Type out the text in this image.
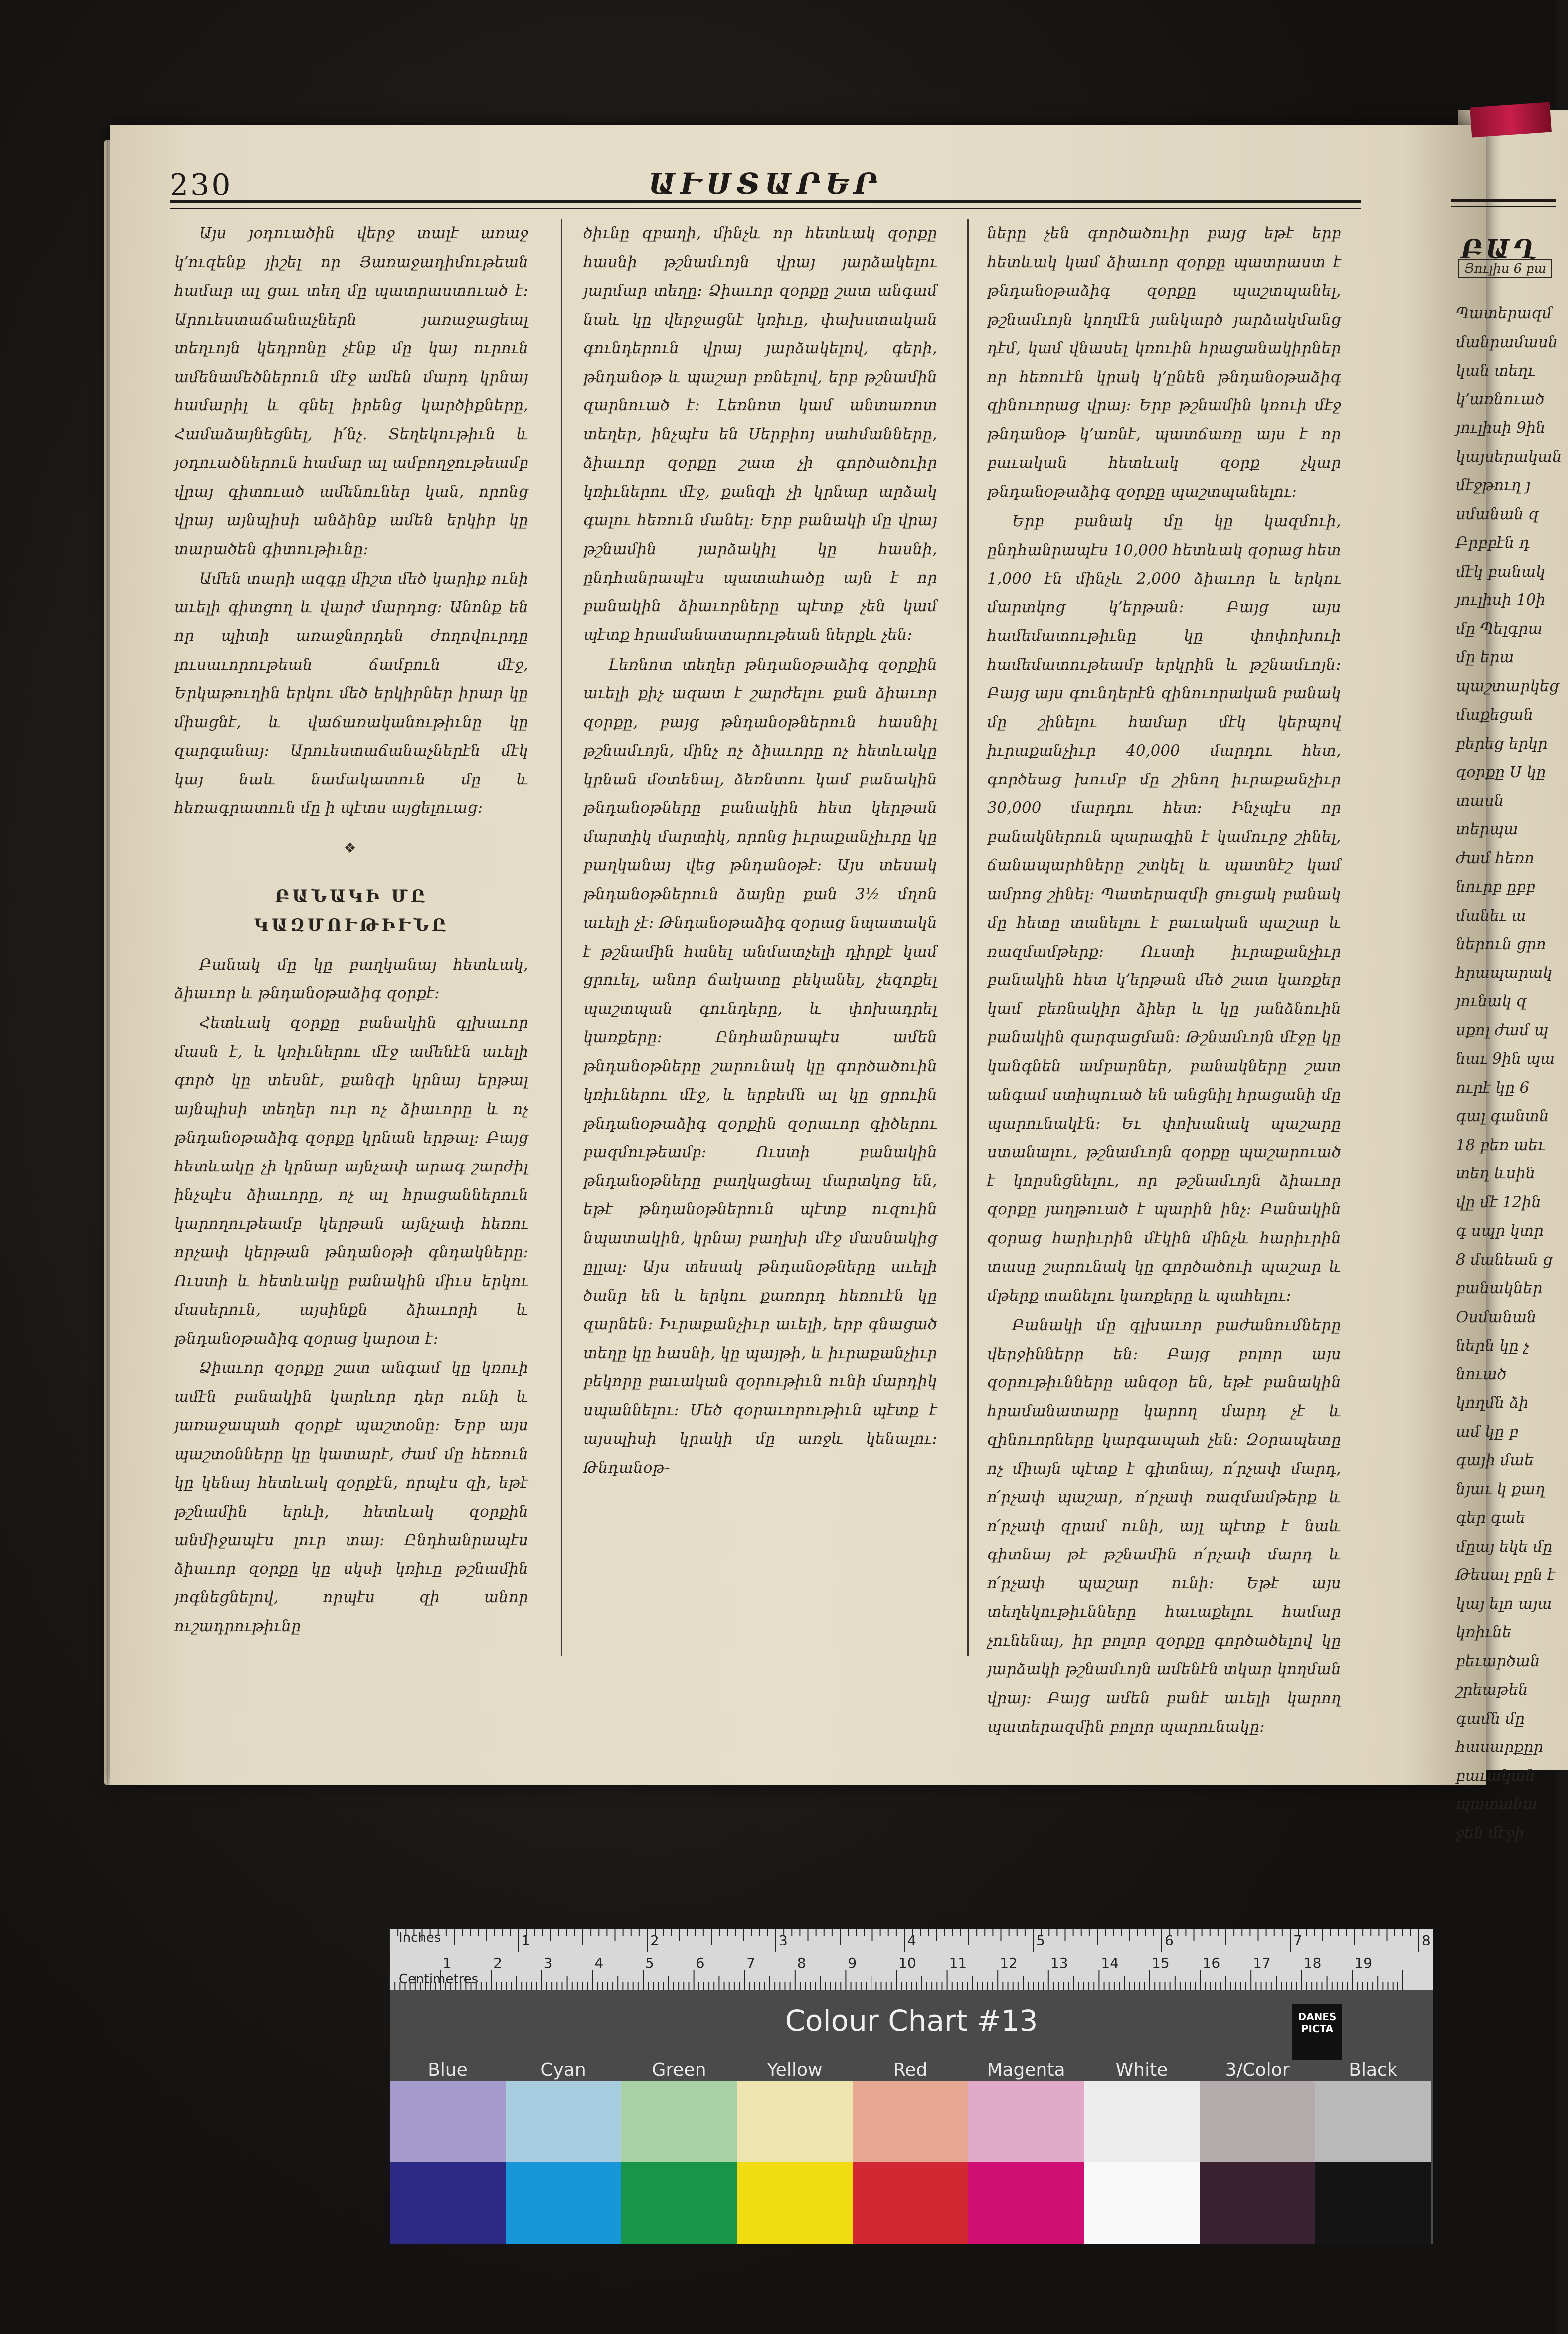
230	ԱՒՍՏԱՐԵՐ

Այս յօդուածին վերջ տալէ առաջ կ՚ուզենք յիշել որ Յառաջադիմութեան համար ալ ցաւ տեղ մը պատրաստուած է։ Արուեստաճանաչներն յառաջացեալ տեղւոյն կեդրոնը չէնք մը կայ ուրուն ամենամեծներուն մէջ ամեն մարդ կրնայ համարիլ և գնել իրենց կարծիքները, Համաձայնեցնել, ի՛նչ. Տեղեկութիւն և յօդուածներուն համար ալ ամբողջութեամբ վրայ գիտուած ամենուներ կան, որոնց վրայ այնպիսի անձինք ամեն երկիր կը տարածեն գիտութիւնը։

Ամեն տարի ազգը միշտ մեծ կարիք ունի աւելի գիտցող և վարժ մարդոց։ Անոնք են որ պիտի առաջնորդեն ժողովուրդը լուսաւորութեան ճամբուն մէջ, Երկաթուղին երկու մեծ երկիրներ իրար կը միացնէ, և վաճառականութիւնը կը զարգանայ։ Արուեստաճանաչներէն մէկ կայ նաև նամակատուն մը և հեռագրատուն մը ի պէտս այցելուաց։

❖
ԲԱՆԱԿԻ ՄԸ ԿԱԶՄՈՒԹԻՒՆԸ

Բանակ մը կը բաղկանայ հետևակ, ձիաւոր և թնդանօթաձիգ զօրքէ։

Հետևակ զօրքը բանակին գլխաւոր մասն է, և կռիւներու մէջ ամենէն աւելի գործ կը տեսնէ, քանզի կրնայ երթալ այնպիսի տեղեր ուր ոչ ձիաւորը և ոչ թնդանօթաձիգ զօրքը կրնան երթալ։ Բայց հետևակը չի կրնար այնչափ արագ շարժիլ ինչպէս ձիաւորը, ոչ ալ հրացաններուն կարողութեամբ կերթան այնչափ հեռու որչափ կերթան թնդանօթի գնդակները։ Ուստի և հետևակը բանակին միւս երկու մասերուն, այսինքն ձիաւորի և թնդանօթաձիգ զօրաց կարօտ է։

Ձիաւոր զօրքը շատ անգամ կը կռուի ամէն բանակին կարևոր դեր ունի և յառաջապահ զօրքէ պաշտօնը։ Երբ այս պաշտօնները կը կատարէ, ժամ մը հեռուն կը կենայ հետևակ զօրքէն, որպէս զի, եթէ թշնամին երևի, հետևակ զօրքին անմիջապէս լուր տայ։ Ընդհանրապէս ձիաւոր զօրքը կը սկսի կռիւը թշնամին յոգնեցնելով, որպէս զի անոր ուշադրութիւնը

ծիւնը զբաղի, մինչև որ հետևակ զօրքը հասնի թշնամւոյն վրայ յարձակելու յարմար տեղը։ Ձիաւոր զօրքը շատ անգամ նաև կը վերջացնէ կռիւը, փախստական գունդերուն վրայ յարձակելով, գերի, թնդանօթ և պաշար բռնելով, երբ թշնամին զարնուած է։ Լեռնոտ կամ անտառոտ տեղեր, ինչպէս են Սերբիոյ սահմանները, ձիաւոր զօրքը շատ չի գործածուիր կռիւներու մէջ, քանզի չի կրնար արձակ գալու հեռուն մանել։ Երբ բանակի մը վրայ թշնամին յարձակիլ կը հասնի, ընդհանրապէս պատահածը այն է որ բանակին ձիաւորները պէտք չեն կամ պէտք հրամանատարութեան ներքև չեն։

Լեռնոտ տեղեր թնդանօթաձիգ զօրքին աւելի քիչ ազատ է շարժելու քան ձիաւոր զօրքը, բայց թնդանօթներուն հասնիլ թշնամւոյն, մինչ ոչ ձիաւորը ոչ հետևակը կրնան մօտենալ, ձեռնտու կամ բանակին թնդանօթները բանակին հետ կերթան մարտիկ մարտիկ, որոնց իւրաքանչիւրը կը բաղկանայ վեց թնդանօթէ։ Այս տեսակ թնդանօթներուն ձայնը քան 3½ մղոն աւելի չէ։ Թնդանօթաձիգ զօրաց նպատակն է թշնամին հանել անմատչելի դիրքէ կամ ցրուել, անոր ճակատը բեկանել, չեզոքել պաշտպան գունդերը, և փոխադրել կառքերը։ Ընդհանրապէս ամեն թնդանօթները շարունակ կը գործածուին կռիւներու մէջ, և երբեմն ալ կը ցրուին թնդանօթաձիգ զօրքին զօրաւոր գիծերու բազմութեամբ։ Ուստի բանակին թնդանօթները բաղկացեալ մարտկոց են, եթէ թնդանօթներուն պէտք ուզուին նպատակին, կրնայ բաղխի մէջ մասնակից ըլլալ։ Այս տեսակ թնդանօթները աւելի ծանր են և երկու քառորդ հեռուէն կը զարնեն։ Իւրաքանչիւր աւելի, երբ գնացած տեղը կը հասնի, կը պայթի, և իւրաքանչիւր բեկորը բաւական զօրութիւն ունի մարդիկ սպաննելու։ Մեծ զօրաւորութիւն պէտք է այսպիսի կրակի մը առջև կենալու։ Թնդանօթ-

ները չեն գործածուիր բայց եթէ երբ հետևակ կամ ձիաւոր զօրքը պատրաստ է թնդանօթաձիգ զօրքը պաշտպանել, թշնամւոյն կողմէն յանկարծ յարձակմանց դէմ, կամ վնասել կռուին հրացանակիրներ որ հեռուէն կրակ կ՚ընեն թնդանօթաձիգ զինուորաց վրայ։ Երբ թշնամին կռուի մէջ թնդանօթ կ՚առնէ, պատճառը այս է որ բաւական հետևակ զօրք չկար թնդանօթաձիգ զօրքը պաշտպանելու։

Երբ բանակ մը կը կազմուի, ընդհանրապէս 10,000 հետևակ զօրաց հետ 1,000 էն մինչև 2,000 ձիաւոր և երկու մարտկոց կ՚երթան։ Բայց այս համեմատութիւնը կը փոփոխուի համեմատութեամբ երկրին և թշնամւոյն։ Բայց այս գունդերէն զինուորական բանակ մը շինելու համար մէկ կերպով իւրաքանչիւր 40,000 մարդու հետ, գործեաց խումբ մը շինող իւրաքանչիւր 30,000 մարդու հետ։ Ինչպէս որ բանակներուն պարագին է կամուրջ շինել, ճանապարհները շտկել և պատնէշ կամ ամրոց շինել։ Պատերազմի ցուցակ բանակ մը հետը տանելու է բաւական պաշար և ռազմամթերք։ Ուստի իւրաքանչիւր բանակին հետ կ՚երթան մեծ շատ կառքեր կամ բեռնակիր ձիեր և կը յանձնուին բանակին զարգացման։ Թշնամւոյն մէջը կը կանգնեն ամբարներ, բանակները շատ անգամ ստիպուած են անցնիլ հրացանի մը պարունակէն։ Եւ փոխանակ պաշարը ստանալու, թշնամւոյն զօրքը պաշարուած է կորսնցնելու, որ թշնամւոյն ձիաւոր զօրքը յաղթուած է պարին ինչ։ Բանակին զօրաց հարիւրին մէկին մինչև հարիւրին տասը շարունակ կը գործածուի պաշար և մթերք տանելու կառքերը և պահելու։

Բանակի մը գլխաւոր բաժանումները վերջինները են։ Բայց բոլոր այս զօրութիւնները անզօր են, եթէ բանակին հրամանատարը կարող մարդ չէ և զինուորները կարգապահ չեն։ Զօրապետը ոչ միայն պէտք է գիտնայ, ո՛րչափ մարդ, ո՛րչափ պաշար, ո՛րչափ ռազմամթերք և ո՛րչափ զրամ ունի, այլ պէտք է նաև գիտնայ թէ թշնամին ո՛րչափ մարդ և ո՛րչափ պաշար ունի։ Եթէ այս տեղեկութիւնները հաւաքելու համար չունենայ, իր բոլոր զօրքը գործածելով կը յարձակի թշնամւոյն ամենէն տկար կողման վրայ։ Բայց ամեն բանէ աւելի կարող պատերազմին բոլոր պարունակը։

ԲԱՂ
Յուլիս 6 բա
Պատերազմ մանրամասն կան տեղւ կ՚առնուած յուլիսի 9ին կայսերական մէջթուղ յ սմանան զ Բրբբէն դ մէկ բանակ յուլիսի 10ի մը Պելգրա մը երա պաշտարկեց մաքեցան բերեց երկր զօրքը Ս կը տասն տերպա ժամ հեռո նուրբ ըբբ մանեւ ա ներուն ցրո հրապարակ յունակ զ սքոլ ժամ պ նաւ 9ին պա ուրէ կը 6 գալ գանտն 18 բեռ աեւ տեղ ևսին վը մէ 12ին գ սպր կտր 8 մանեան ց բանակներ Օսմանան ներն կը չ նուած կողմն ձի ամ կը բ գայի մաե նյաւ կ քաղ գեր գաե մըայ եկե մը Թեսալ բըն է կայ ելո այա կռիւնե բեւարծան շրեաթեն գամն մը հասարքըր բաւական պատանա ջեն մէջի
Inches
Centimetres
1	2	3	4	5	6	7	8
1	2	3	4	5	6	7	8	9	10 11 12 13 14 15 16 17 18 19
Colour Chart #13	DANES PICTA
Blue	Cyan	Green	Yellow	Red	Magenta	White	3/Color	Black
